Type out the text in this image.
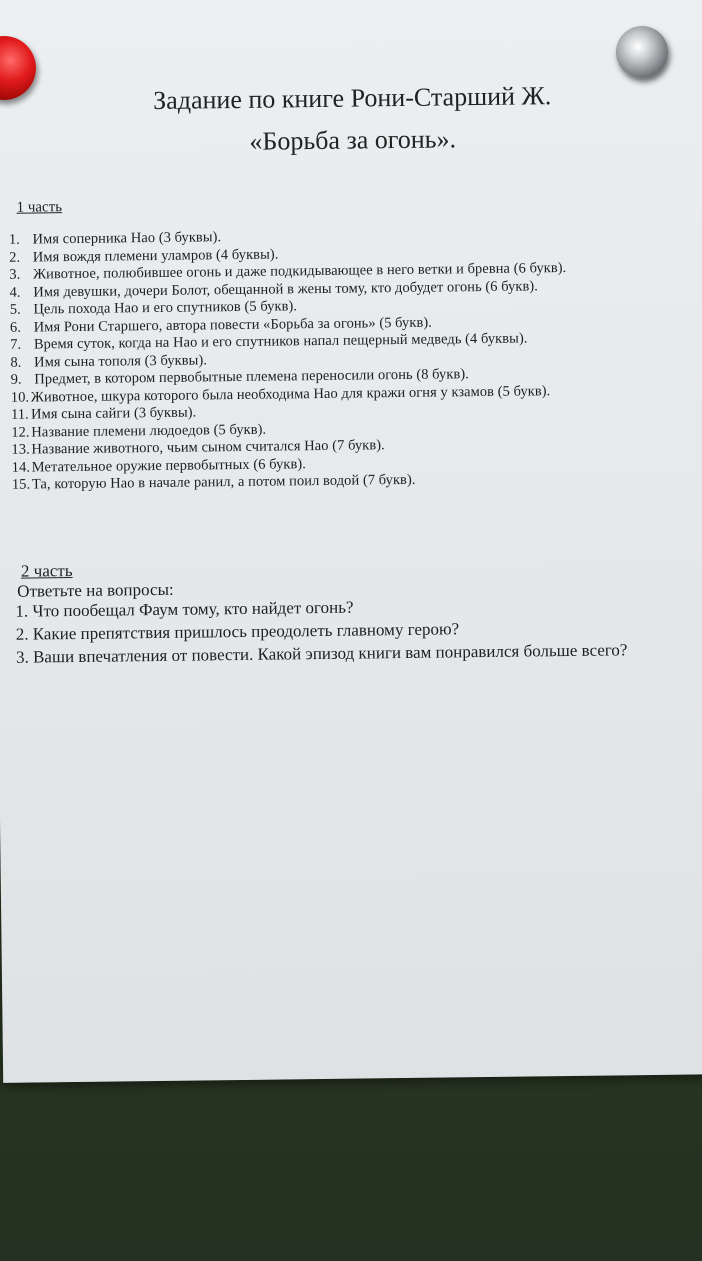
Задание по книге Рони-Старший Ж.
«Борьба за огонь».
1 часть
1. Имя соперника Нао (3 буквы).
2. Имя вождя племени уламров (4 буквы).
3. Животное, полюбившее огонь и даже подкидывающее в него ветки и бревна (6 букв).
4. Имя девушки, дочери Болот, обещанной в жены тому, кто добудет огонь (6 букв).
5. Цель похода Нао и его спутников (5 букв).
6. Имя Рони Старшего, автора повести «Борьба за огонь» (5 букв).
7. Время суток, когда на Нао и его спутников напал пещерный медведь (4 буквы).
8. Имя сына тополя (3 буквы).
9. Предмет, в котором первобытные племена переносили огонь (8 букв).
10. Животное, шкура которого была необходима Нао для кражи огня у кзамов (5 букв).
11. Имя сына сайги (3 буквы).
12. Название племени людоедов (5 букв).
13. Название животного, чьим сыном считался Нао (7 букв).
14. Метательное оружие первобытных (6 букв).
15. Та, которую Нао в начале ранил, а потом поил водой (7 букв).
2 часть
Ответьте на вопросы:
1. Что пообещал Фаум тому, кто найдет огонь?
2. Какие препятствия пришлось преодолеть главному герою?
3. Ваши впечатления от повести. Какой эпизод книги вам понравился больше всего?
